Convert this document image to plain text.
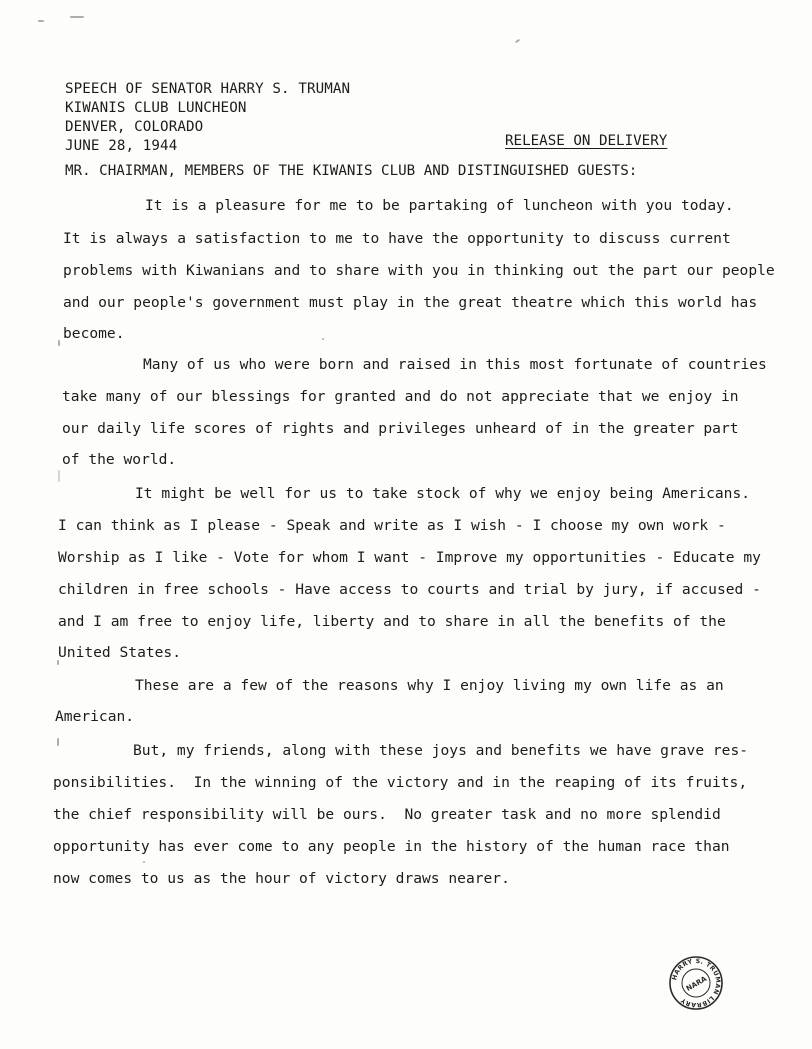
SPEECH OF SENATOR HARRY S. TRUMAN
KIWANIS CLUB LUNCHEON
DENVER, COLORADO
JUNE 28, 1944	RELEASE ON DELIVERY
MR. CHAIRMAN, MEMBERS OF THE KIWANIS CLUB AND DISTINGUISHED GUESTS:
It is a pleasure for me to be partaking of luncheon with you today.
It is always a satisfaction to me to have the opportunity to discuss current
problems with Kiwanians and to share with you in thinking out the part our people
and our people's government must play in the great theatre which this world has
become.
Many of us who were born and raised in this most fortunate of countries
take many of our blessings for granted and do not appreciate that we enjoy in
our daily life scores of rights and privileges unheard of in the greater part
of the world.
It might be well for us to take stock of why we enjoy being Americans.
I can think as I please - Speak and write as I wish - I choose my own work -
Worship as I like - Vote for whom I want - Improve my opportunities - Educate my
children in free schools - Have access to courts and trial by jury, if accused -
and I am free to enjoy life, liberty and to share in all the benefits of the
United States.
These are a few of the reasons why I enjoy living my own life as an
American.
But, my friends, along with these joys and benefits we have grave res-
ponsibilities.  In the winning of the victory and in the reaping of its fruits,
the chief responsibility will be ours.  No greater task and no more splendid
opportunity has ever come to any people in the history of the human race than
now comes to us as the hour of victory draws nearer.
HARRY S. TRUMAN LIBRARY
NARA
